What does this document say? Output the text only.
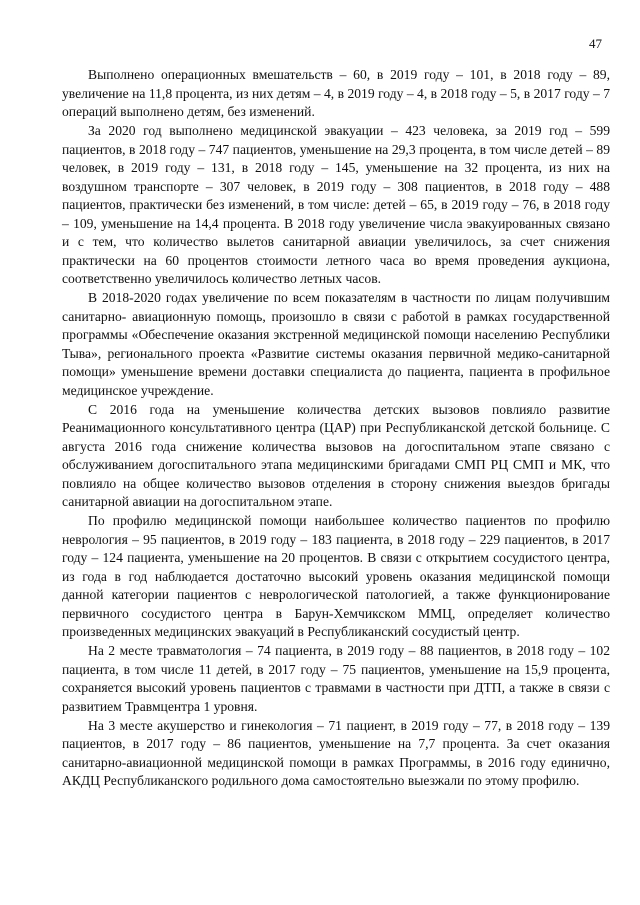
47

Выполнено операционных вмешательств – 60, в 2019 году – 101, в 2018 году – 89, увеличение на 11,8 процента, из них детям – 4, в 2019 году – 4, в 2018 году – 5, в 2017 году – 7 операций выполнено детям, без изменений.

За 2020 год выполнено медицинской эвакуации – 423 человека, за 2019 год – 599 пациентов, в 2018 году – 747 пациентов, уменьшение на 29,3 процента, в том числе детей – 89 человек, в 2019 году – 131, в 2018 году – 145, уменьшение на 32 процента, из них на воздушном транспорте – 307 человек, в 2019 году – 308 пациентов, в 2018 году – 488 пациентов, практически без изменений, в том числе: детей – 65, в 2019 году – 76, в 2018 году – 109, уменьшение на 14,4 процента. В 2018 году увеличение числа эвакуированных связано и с тем, что количество вылетов санитарной авиации увеличилось, за счет снижения практически на 60 процентов стоимости летного часа во время проведения аукциона, соответственно увеличилось количество летных часов.

В 2018-2020 годах увеличение по всем показателям в частности по лицам получившим санитарно- авиационную помощь, произошло в связи с работой в рамках государственной программы «Обеспечение оказания экстренной медицинской помощи населению Республики Тыва», регионального проекта «Развитие системы оказания первичной медико-санитарной помощи» уменьшение времени доставки специалиста до пациента, пациента в профильное медицинское учреждение.

С 2016 года на уменьшение количества детских вызовов повлияло развитие Реанимационного консультативного центра (ЦАР) при Республиканской детской больнице. С августа 2016 года снижение количества вызовов на догоспитальном этапе связано с обслуживанием догоспитального этапа медицинскими бригадами СМП РЦ СМП и МК, что повлияло на общее количество вызовов отделения в сторону снижения выездов бригады санитарной авиации на догоспитальном этапе.

По профилю медицинской помощи наибольшее количество пациентов по профилю неврология – 95 пациентов, в 2019 году – 183 пациента, в 2018 году – 229 пациентов, в 2017 году – 124 пациента, уменьшение на 20 процентов. В связи с открытием сосудистого центра, из года в год наблюдается достаточно высокий уровень оказания медицинской помощи данной категории пациентов с неврологической патологией, а также функционирование первичного сосудистого центра в Барун-Хемчикском ММЦ, определяет количество произведенных медицинских эвакуаций в Республиканский сосудистый центр.

На 2 месте травматология – 74 пациента, в 2019 году – 88 пациентов, в 2018 году – 102 пациента, в том числе 11 детей, в 2017 году – 75 пациентов, уменьшение на 15,9 процента, сохраняется высокий уровень пациентов с травмами в частности при ДТП, а также в связи с развитием Травмцентра 1 уровня.

На 3 месте акушерство и гинекология – 71 пациент, в 2019 году – 77, в 2018 году – 139 пациентов, в 2017 году – 86 пациентов, уменьшение на 7,7 процента. За счет оказания санитарно-авиационной медицинской помощи в рамках Программы, в 2016 году единично, АКДЦ Республиканского родильного дома самостоятельно выезжали по этому профилю.
